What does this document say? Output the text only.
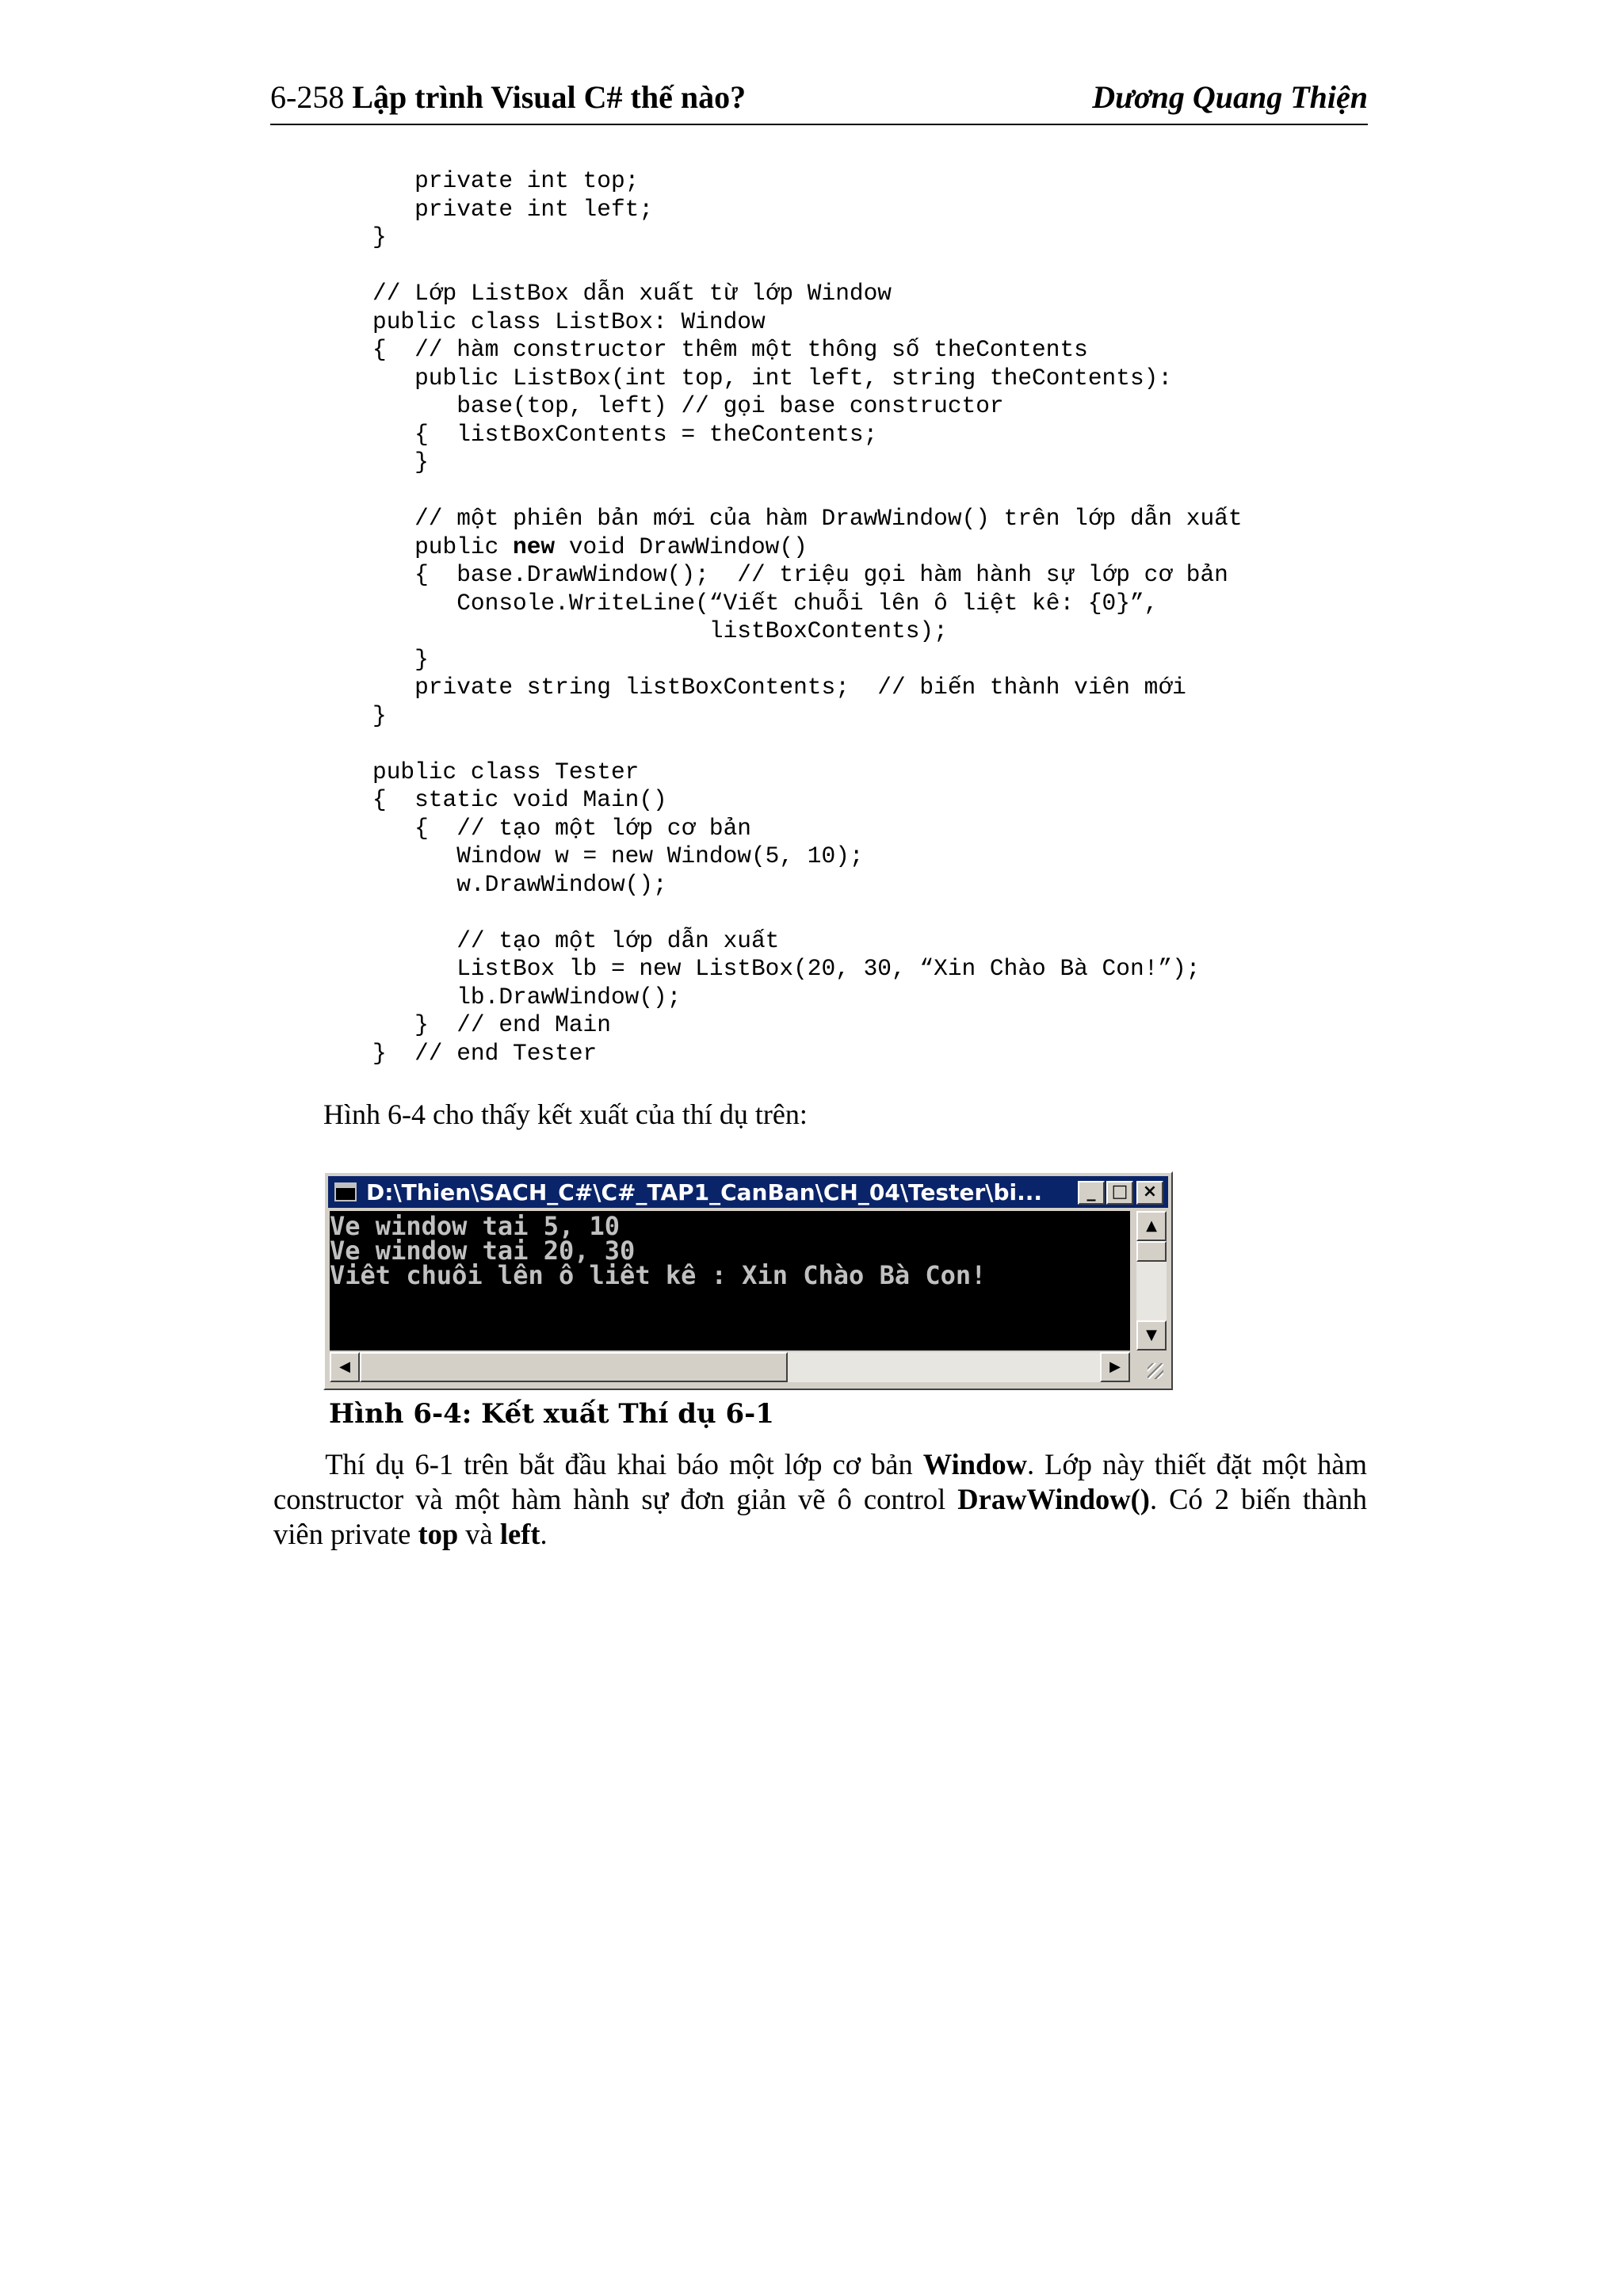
6-258 Lập trình Visual C# thế nào?	Dương Quang Thiện
private int top;
private int left;
}

// Lớp ListBox dẫn xuất từ lớp Window
public class ListBox: Window
{  // hàm constructor thêm một thông số theContents
public ListBox(int top, int left, string theContents):
base(top, left) // gọi base constructor
{  listBoxContents = theContents;
}

// một phiên bản mới của hàm DrawWindow() trên lớp dẫn xuất
public new void DrawWindow()
{  base.DrawWindow();  // triệu gọi hàm hành sự lớp cơ bản
Console.WriteLine(“Viết chuỗi lên ô liệt kê: {0}”,
listBoxContents);
}
private string listBoxContents;  // biến thành viên mới
}

public class Tester
{  static void Main()
{  // tạo một lớp cơ bản
Window w = new Window(5, 10);
w.DrawWindow();

// tạo một lớp dẫn xuất
ListBox lb = new ListBox(20, 30, “Xin Chào Bà Con!”);
lb.DrawWindow();
}  // end Main
}  // end Tester
Hình 6-4 cho thấy kết xuất của thí dụ trên:
D:\Thien\SACH_C#\C#_TAP1_CanBan\CH_04\Tester\bi...	_ □ ×
Ve window tai 5, 10
Ve window tai 20, 30
Viêt chuôi lên ô liêt kê : Xin Chào Bà Con!
▲
▼
◀	▶
Hình 6-4: Kết xuất Thí dụ 6-1
Thí dụ 6-1 trên bắt đầu khai báo một lớp cơ bản Window. Lớp này thiết đặt một hàm
constructor và một hàm hành sự đơn giản vẽ ô control DrawWindow(). Có 2 biến thành
viên private top và left.
